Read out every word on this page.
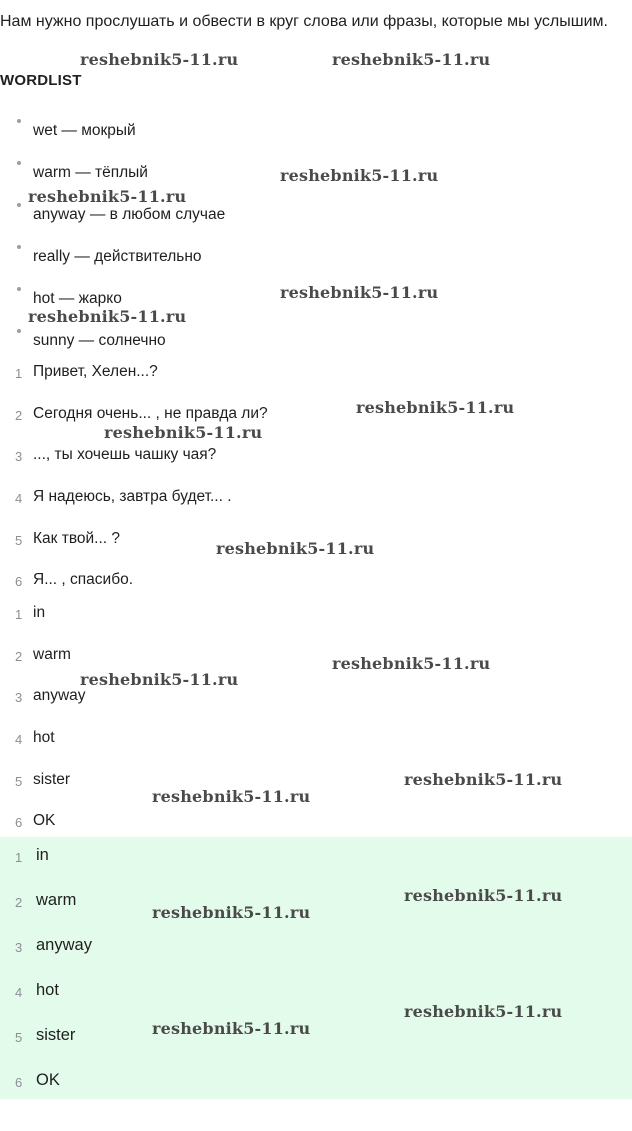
Нам нужно прослушать и обвести в круг слова или фразы, которые мы услышим.

WORDLIST
wet — мокрый
warm — тёплый
anyway — в любом случае
really — действительно
hot — жарко
sunny — солнечно
1 Привет, Хелен...?
2 Сегодня очень... , не правда ли?
3 ..., ты хочешь чашку чая?
4 Я надеюсь, завтра будет... .
5 Как твой... ?
6 Я... , спасибо.
1 in
2 warm
3 anyway
4 hot
5 sister
6 OK
1 in
2 warm
3 anyway
4 hot
5 sister
6 OK
reshebnik5-11.ru	reshebnik5-11.ru
reshebnik5-11.ru
reshebnik5-11.ru
reshebnik5-11.ru
reshebnik5-11.ru
reshebnik5-11.ru
reshebnik5-11.ru
reshebnik5-11.ru
reshebnik5-11.ru
reshebnik5-11.ru
reshebnik5-11.ru
reshebnik5-11.ru
reshebnik5-11.ru
reshebnik5-11.ru
reshebnik5-11.ru
reshebnik5-11.ru
